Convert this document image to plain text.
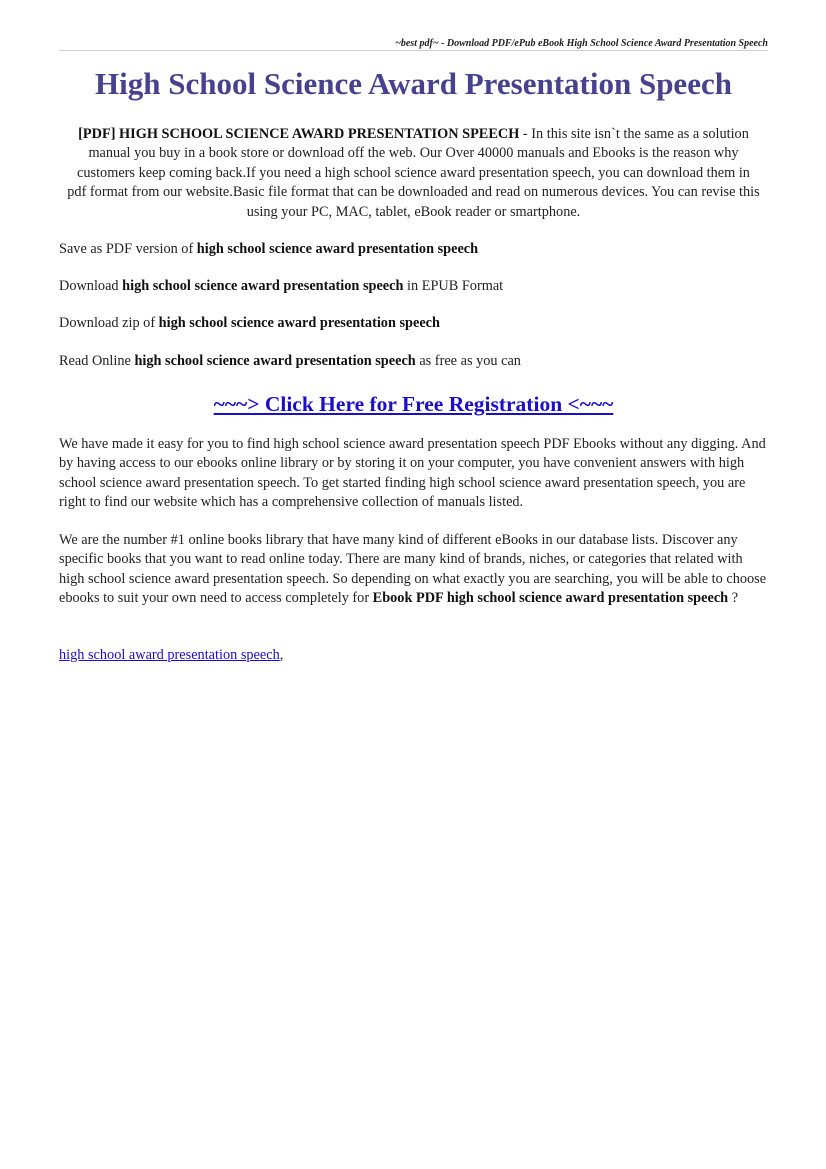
~best pdf~ - Download PDF/ePub eBook High School Science Award Presentation Speech
High School Science Award Presentation Speech

[PDF] HIGH SCHOOL SCIENCE AWARD PRESENTATION SPEECH - In this site isn`t the same as a solution manual you buy in a book store or download off the web. Our Over 40000 manuals and Ebooks is the reason why customers keep coming back.If you need a high school science award presentation speech, you can download them in pdf format from our website.Basic file format that can be downloaded and read on numerous devices. You can revise this using your PC, MAC, tablet, eBook reader or smartphone.

Save as PDF version of high school science award presentation speech

Download high school science award presentation speech in EPUB Format

Download zip of high school science award presentation speech

Read Online high school science award presentation speech as free as you can

~~~> Click Here for Free Registration <~~~

We have made it easy for you to find high school science award presentation speech PDF Ebooks without any digging. And by having access to our ebooks online library or by storing it on your computer, you have convenient answers with high school science award presentation speech. To get started finding high school science award presentation speech, you are right to find our website which has a comprehensive collection of manuals listed.

We are the number #1 online books library that have many kind of different eBooks in our database lists. Discover any specific books that you want to read online today. There are many kind of brands, niches, or categories that related with high school science award presentation speech. So depending on what exactly you are searching, you will be able to choose ebooks to suit your own need to access completely for Ebook PDF high school science award presentation speech ?

high school award presentation speech,
